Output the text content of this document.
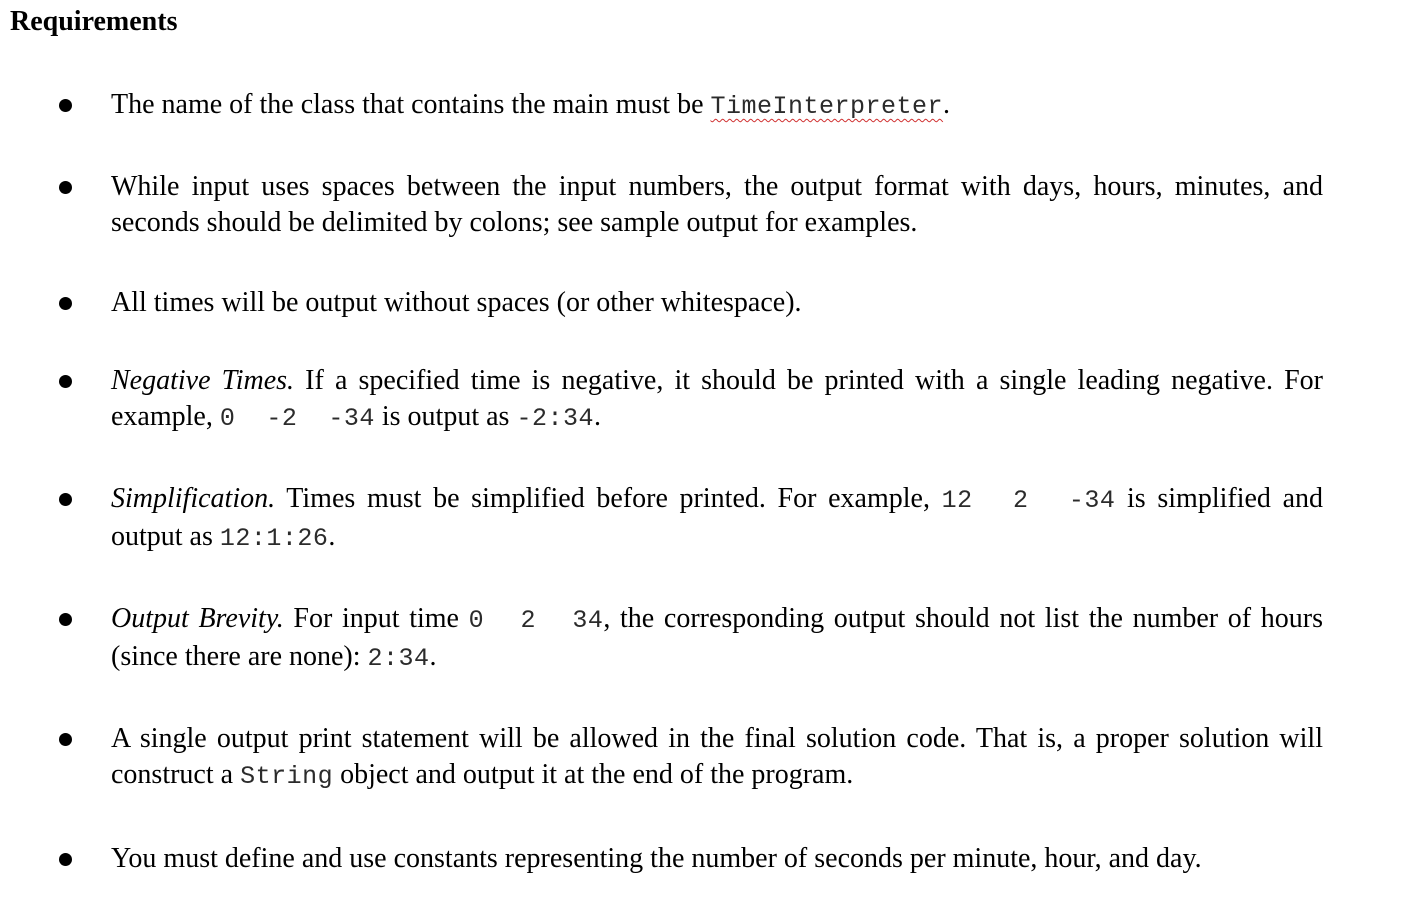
Requirements
The name of the class that contains the main must be TimeInterpreter.
While input uses spaces between the input numbers, the output format with days, hours, minutes, and seconds should be delimited by colons; see sample output for examples.
All times will be output without spaces (or other whitespace).
Negative Times. If a specified time is negative, it should be printed with a single leading negative. For example, 0  -2  -34 is output as -2:34.
Simplification. Times must be simplified before printed. For example, 12  2  -34 is simplified and output as 12:1:26.
Output Brevity. For input time 0  2  34, the corresponding output should not list the number of hours (since there are none): 2:34.
A single output print statement will be allowed in the final solution code. That is, a proper solution will construct a String object and output it at the end of the program.
You must define and use constants representing the number of seconds per minute, hour, and day.
